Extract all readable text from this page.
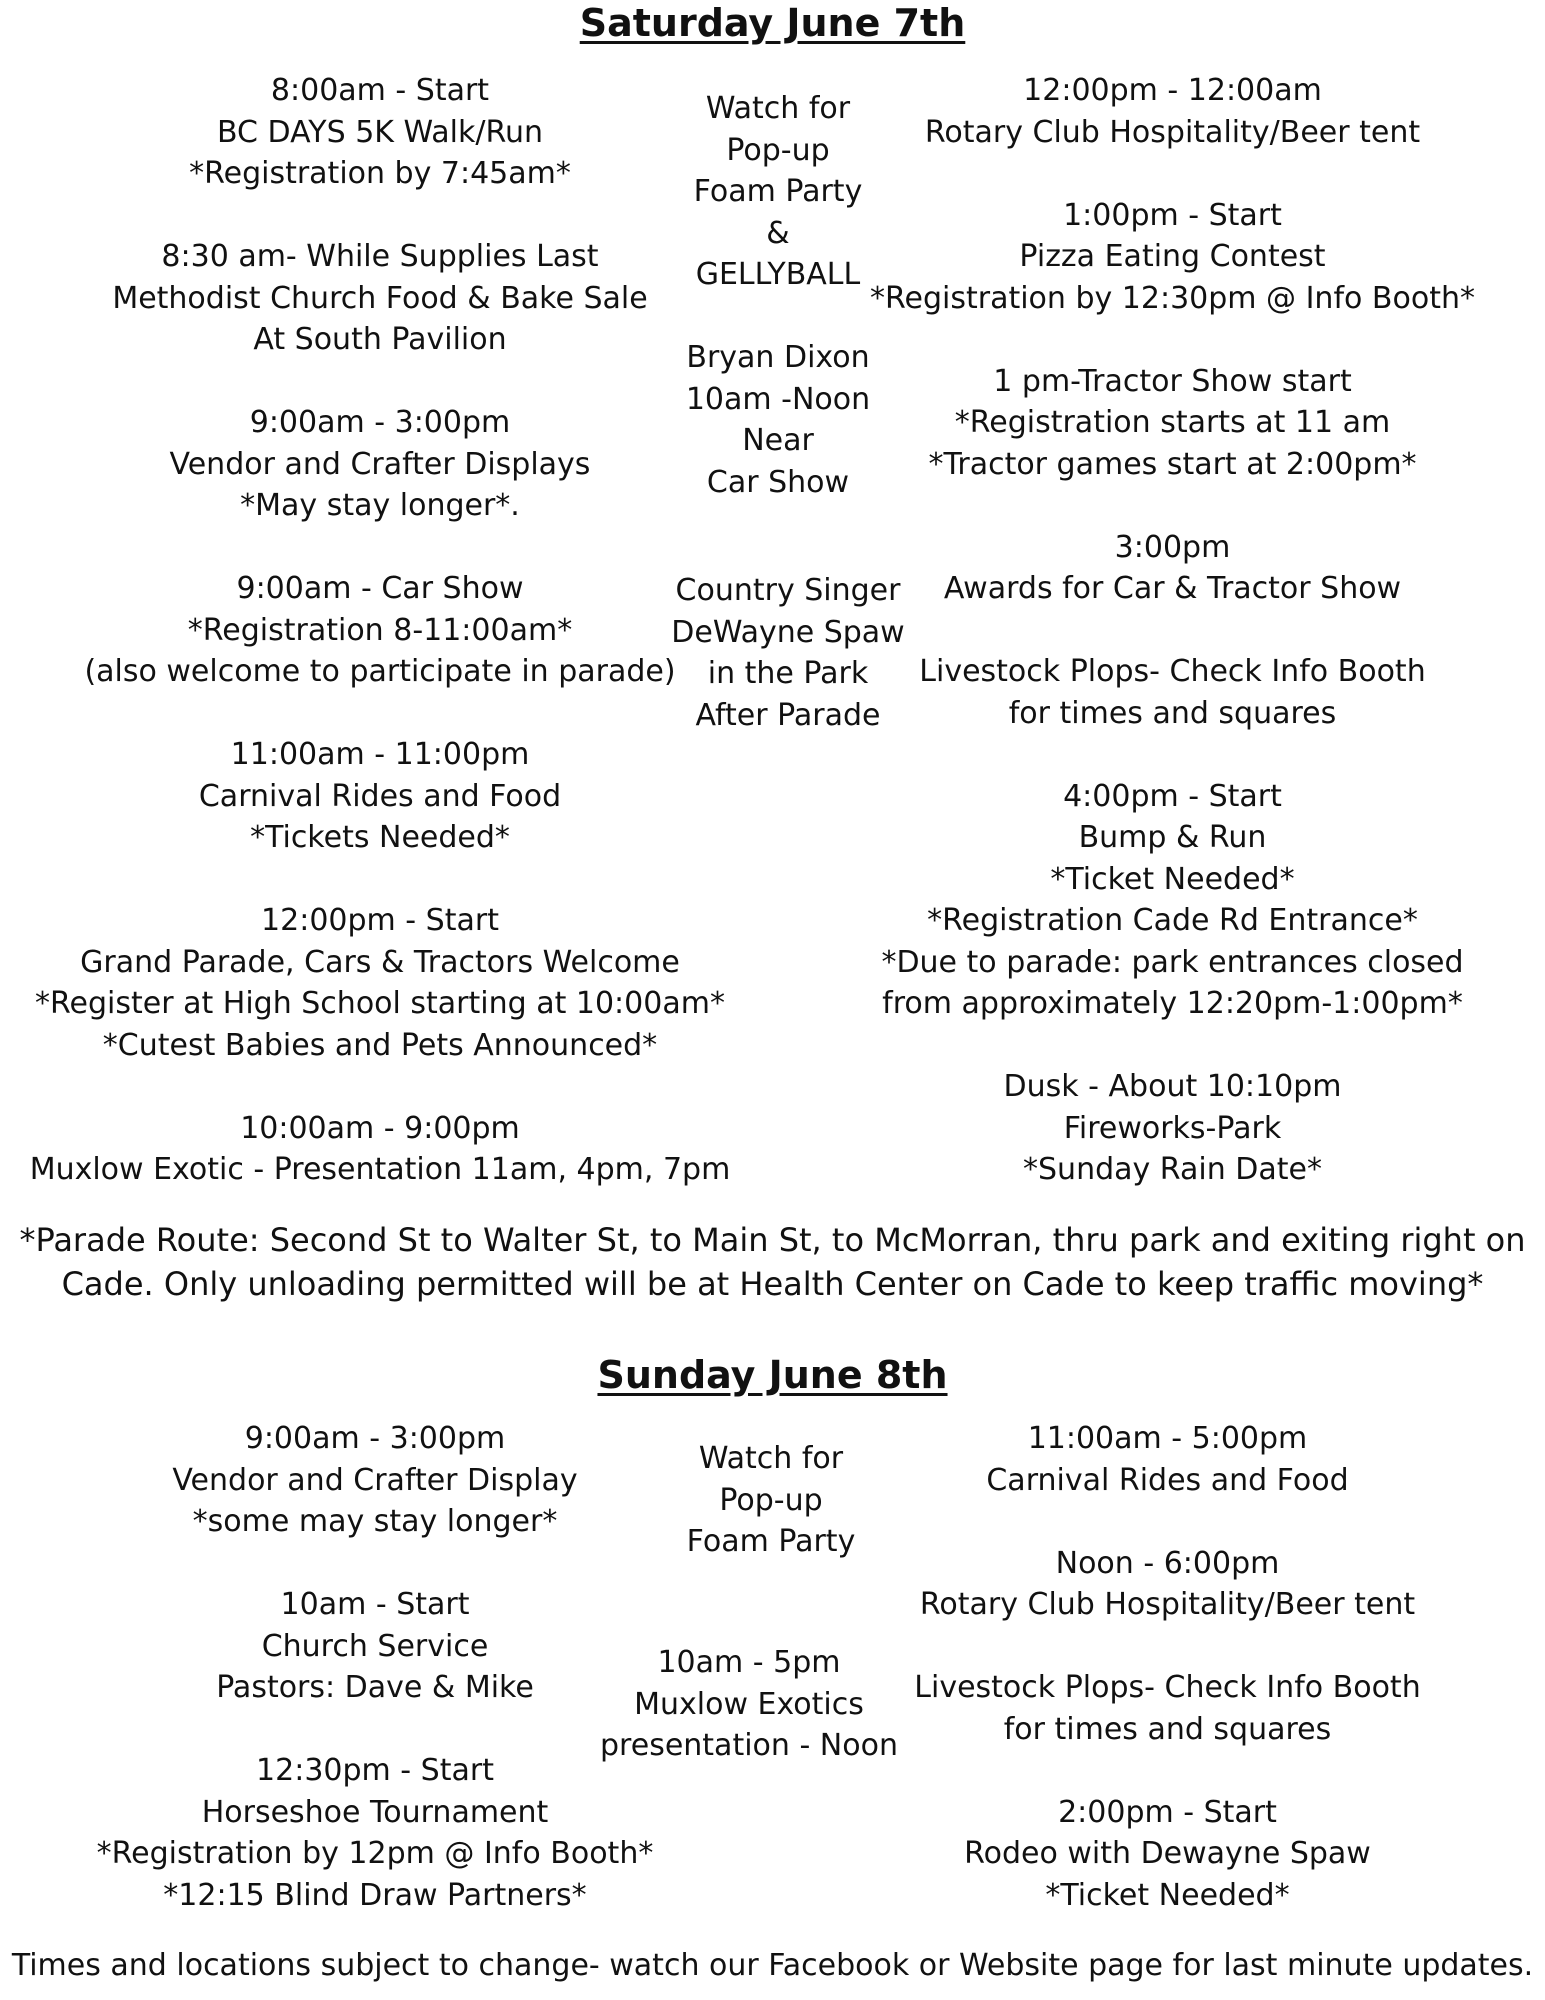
Saturday June 7th
8:00am - Start
BC DAYS 5K Walk/Run
*Registration by 7:45am*
8:30 am- While Supplies Last
Methodist Church Food & Bake Sale
At South Pavilion
9:00am - 3:00pm
Vendor and Crafter Displays
*May stay longer*.
9:00am - Car Show
*Registration 8-11:00am*
(also welcome to participate in parade)
11:00am - 11:00pm
Carnival Rides and Food
*Tickets Needed*
12:00pm - Start
Grand Parade, Cars & Tractors Welcome
*Register at High School starting at 10:00am*
*Cutest Babies and Pets Announced*
10:00am - 9:00pm
Muxlow Exotic - Presentation 11am, 4pm, 7pm
Watch for
Pop-up
Foam Party
&
GELLYBALL
Bryan Dixon
10am -Noon
Near
Car Show
Country Singer
DeWayne Spaw
in the Park
After Parade
12:00pm - 12:00am
Rotary Club Hospitality/Beer tent
1:00pm - Start
Pizza Eating Contest
*Registration by 12:30pm @ Info Booth*
1 pm-Tractor Show start
*Registration starts at 11 am
*Tractor games start at 2:00pm*
3:00pm
Awards for Car & Tractor Show
Livestock Plops- Check Info Booth
for times and squares
4:00pm - Start
Bump & Run
*Ticket Needed*
*Registration Cade Rd Entrance*
*Due to parade: park entrances closed
from approximately 12:20pm-1:00pm*
Dusk - About 10:10pm
Fireworks-Park
*Sunday Rain Date*
*Parade Route: Second St to Walter St, to Main St, to McMorran, thru park and exiting right on
Cade. Only unloading permitted will be at Health Center on Cade to keep traffic moving*
Sunday June 8th
9:00am - 3:00pm
Vendor and Crafter Display
*some may stay longer*
10am - Start
Church Service
Pastors: Dave & Mike
12:30pm - Start
Horseshoe Tournament
*Registration by 12pm @ Info Booth*
*12:15 Blind Draw Partners*
Watch for
Pop-up
Foam Party
10am - 5pm
Muxlow Exotics
presentation - Noon
11:00am - 5:00pm
Carnival Rides and Food
Noon - 6:00pm
Rotary Club Hospitality/Beer tent
Livestock Plops- Check Info Booth
for times and squares
2:00pm - Start
Rodeo with Dewayne Spaw
*Ticket Needed*
Times and locations subject to change- watch our Facebook or Website page for last minute updates.
